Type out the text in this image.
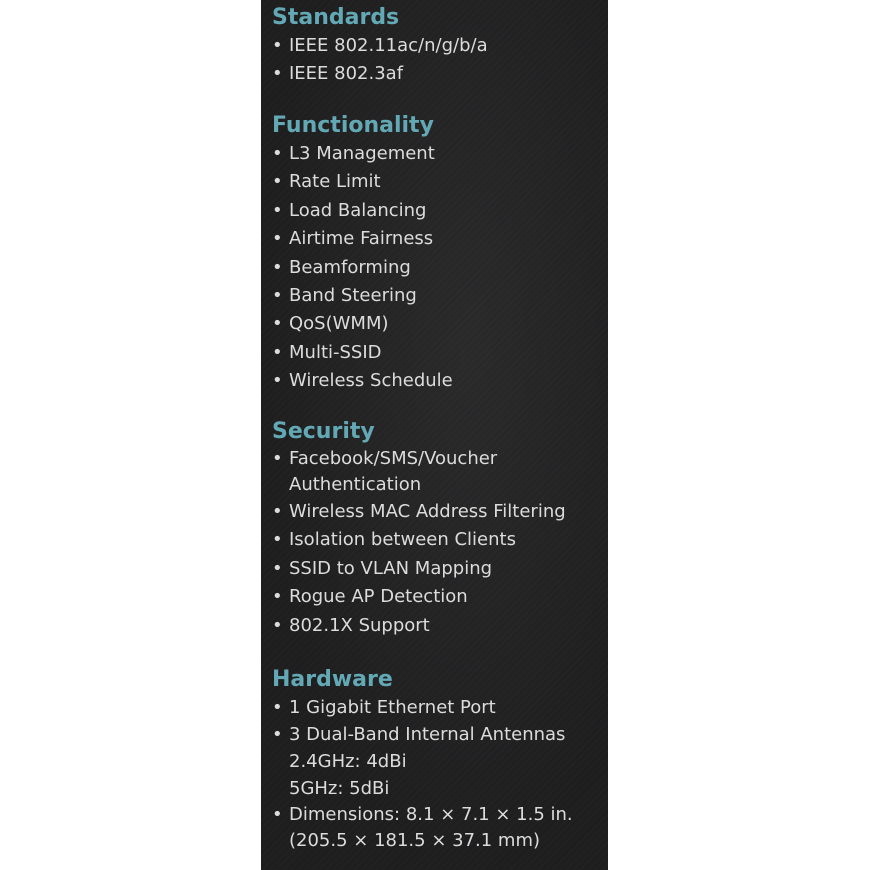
Standards
• IEEE 802.11ac/n/g/b/a
• IEEE 802.3af
Functionality
• L3 Management
• Rate Limit
• Load Balancing
• Airtime Fairness
• Beamforming
• Band Steering
• QoS(WMM)
• Multi-SSID
• Wireless Schedule
Security
• Facebook/SMS/Voucher
Authentication
• Wireless MAC Address Filtering
• Isolation between Clients
• SSID to VLAN Mapping
• Rogue AP Detection
• 802.1X Support
Hardware
• 1 Gigabit Ethernet Port
• 3 Dual-Band Internal Antennas
2.4GHz: 4dBi
5GHz: 5dBi
• Dimensions: 8.1 × 7.1 × 1.5 in.
(205.5 × 181.5 × 37.1 mm)
